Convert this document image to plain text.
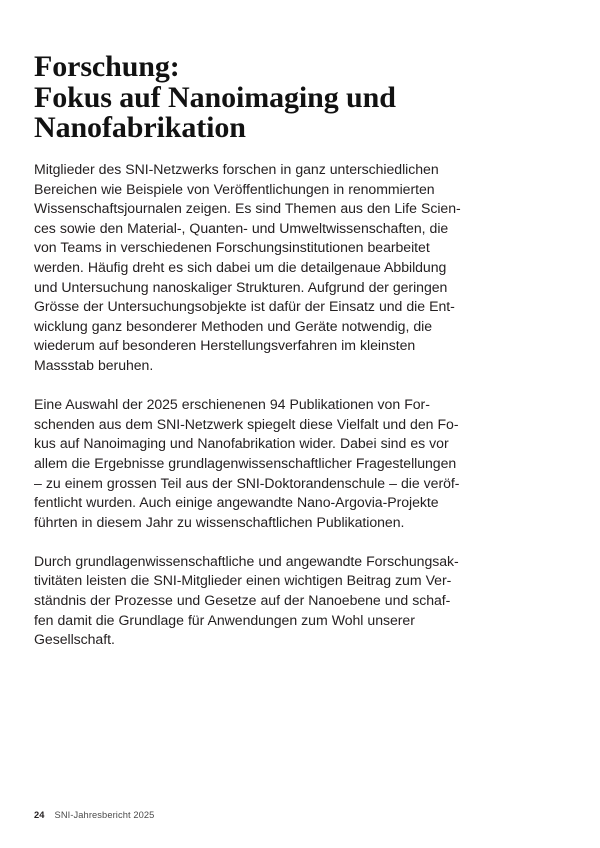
Forschung:
Fokus auf Nanoimaging und
Nanofabrikation

Mitglieder des SNI-Netzwerks forschen in ganz unterschiedlichen
Bereichen wie Beispiele von Veröffentlichungen in renommierten
Wissenschaftsjournalen zeigen. Es sind Themen aus den Life Scien-
ces sowie den Material-, Quanten- und Umweltwissenschaften, die
von Teams in verschiedenen Forschungsinstitutionen bearbeitet
werden. Häufig dreht es sich dabei um die detailgenaue Abbildung
und Untersuchung nanoskaliger Strukturen. Aufgrund der geringen
Grösse der Untersuchungsobjekte ist dafür der Einsatz und die Ent-
wicklung ganz besonderer Methoden und Geräte notwendig, die
wiederum auf besonderen Herstellungsverfahren im kleinsten
Massstab beruhen.

Eine Auswahl der 2025 erschienenen 94 Publikationen von For-
schenden aus dem SNI-Netzwerk spiegelt diese Vielfalt und den Fo-
kus auf Nanoimaging und Nanofabrikation wider. Dabei sind es vor
allem die Ergebnisse grundlagenwissenschaftlicher Fragestellungen
– zu einem grossen Teil aus der SNI-Doktorandenschule – die veröf-
fentlicht wurden. Auch einige angewandte Nano-Argovia-Projekte
führten in diesem Jahr zu wissenschaftlichen Publikationen.

Durch grundlagenwissenschaftliche und angewandte Forschungsak-
tivitäten leisten die SNI-Mitglieder einen wichtigen Beitrag zum Ver-
ständnis der Prozesse und Gesetze auf der Nanoebene und schaf-
fen damit die Grundlage für Anwendungen zum Wohl unserer
Gesellschaft.

24 SNI-Jahresbericht 2025
